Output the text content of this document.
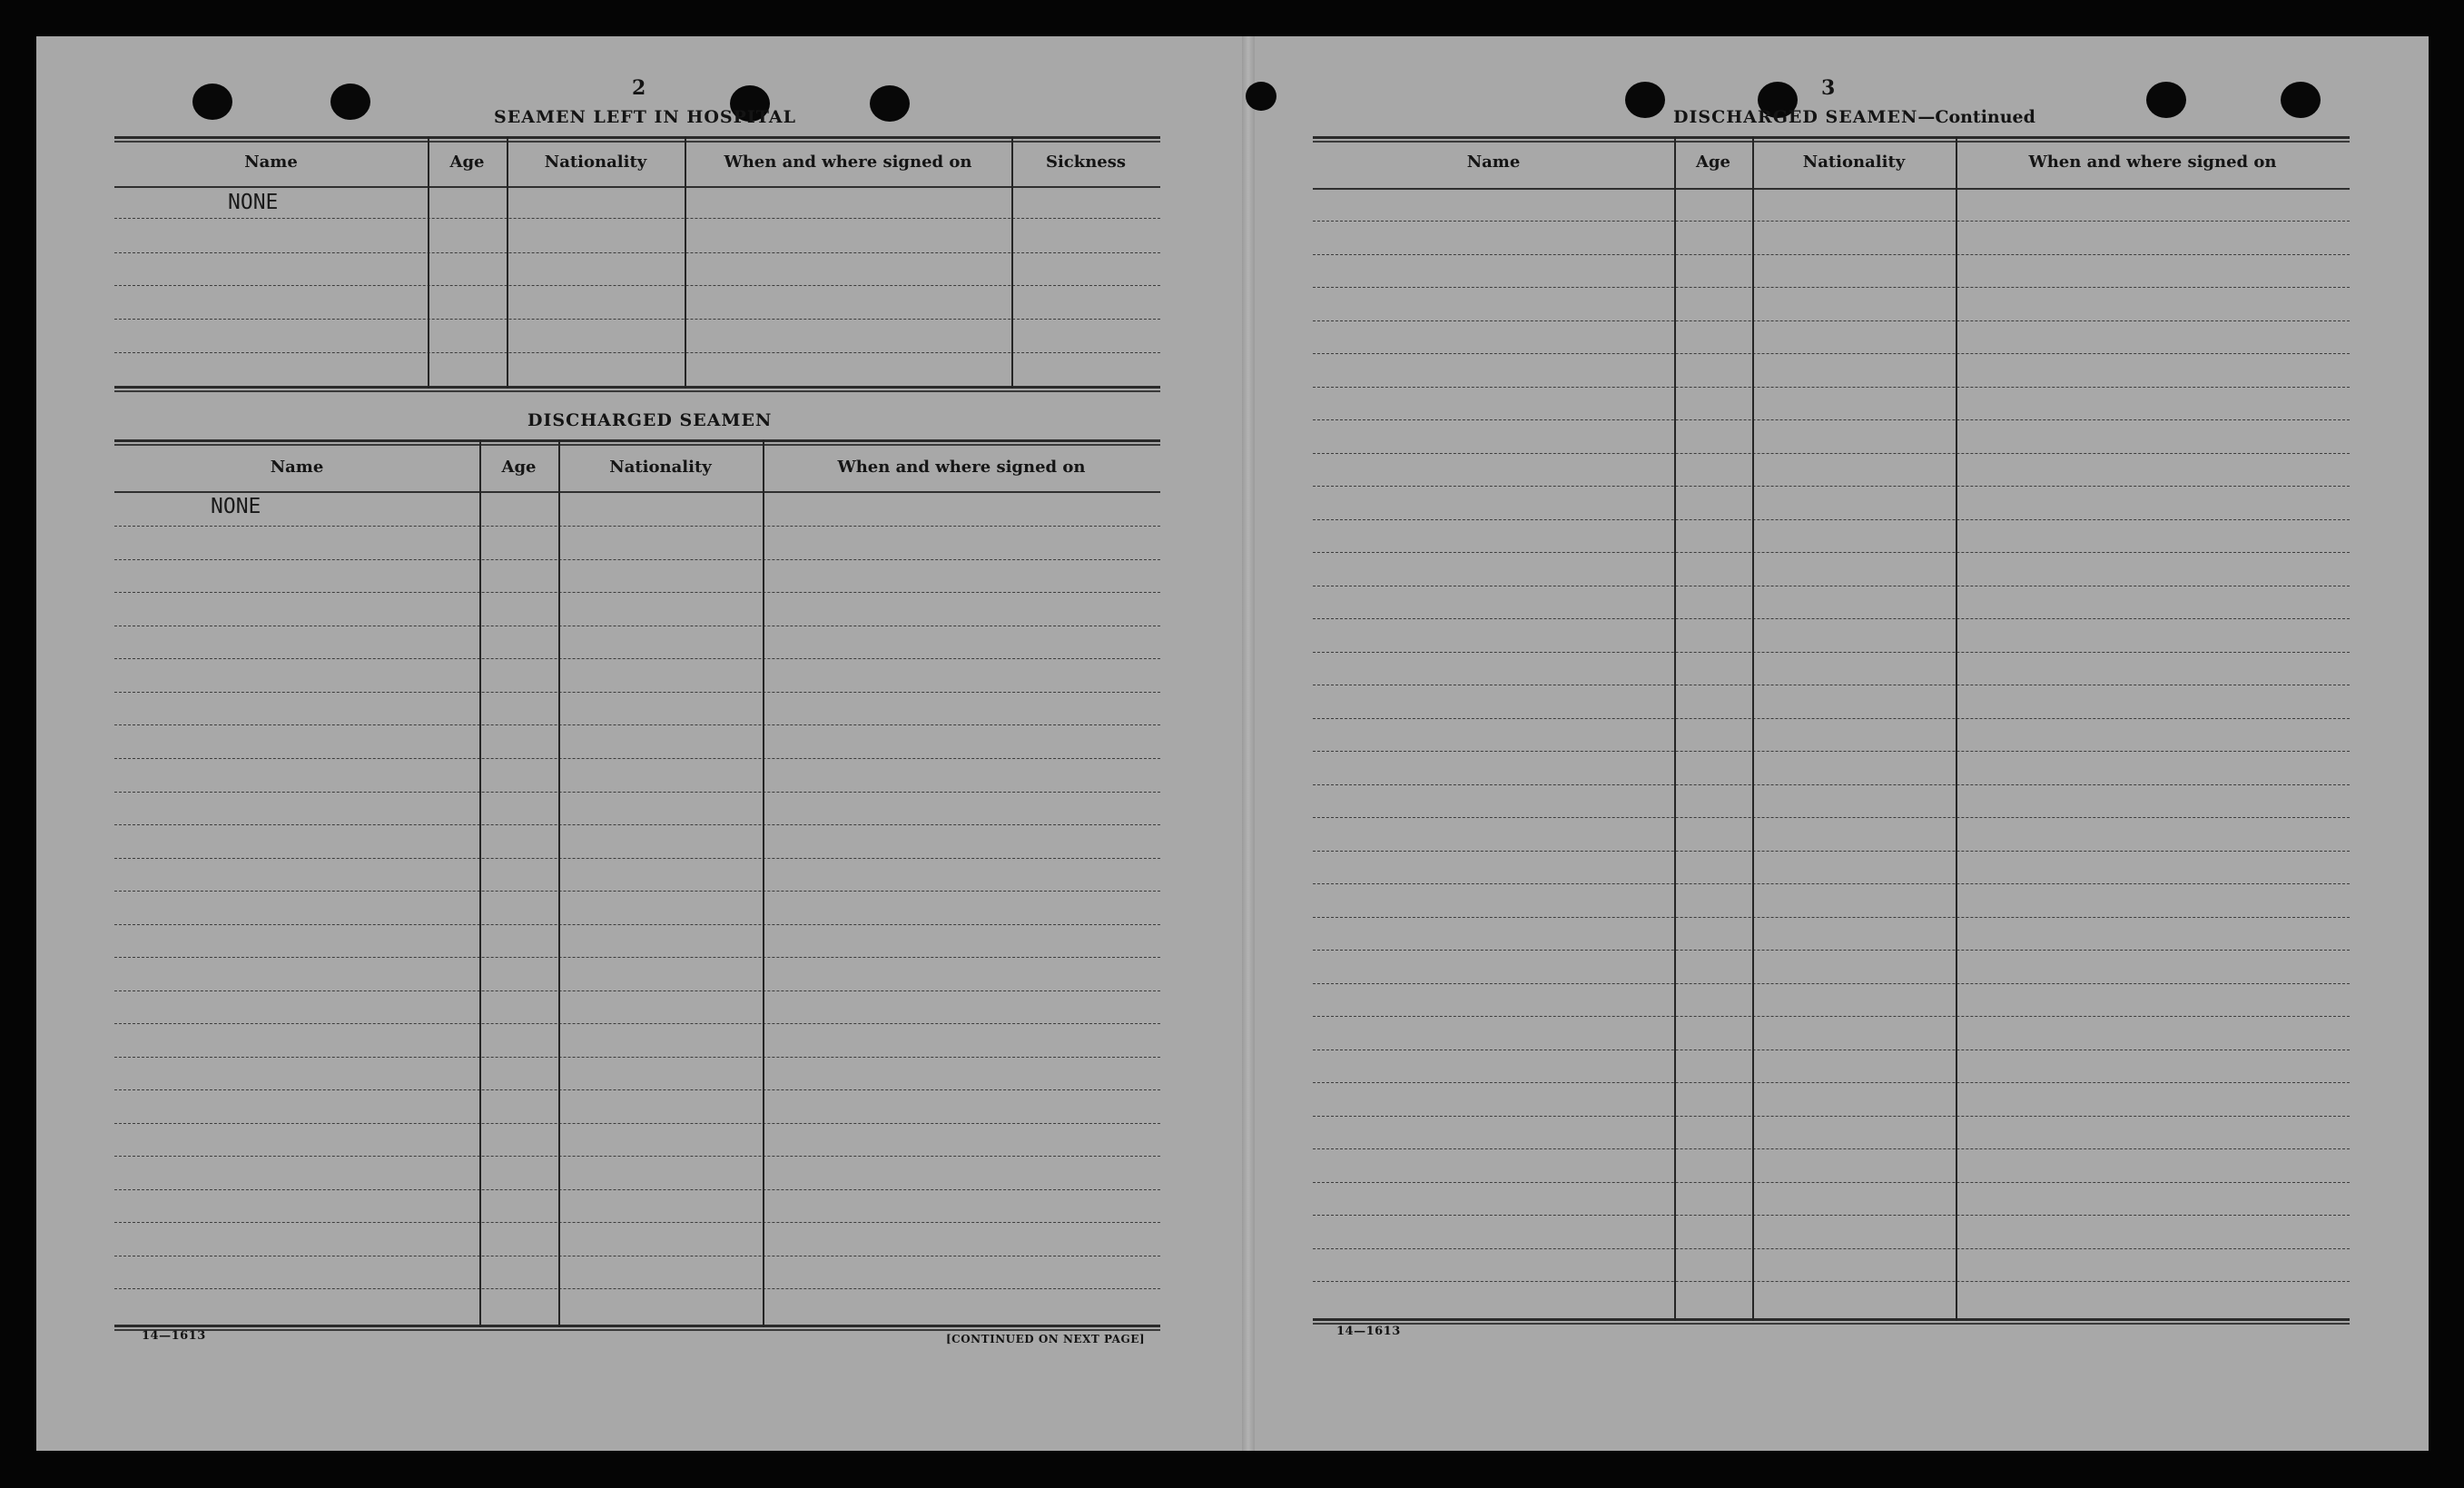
2
SEAMEN LEFT IN HOSPITAL
Name	Age	Nationality	When and where signed on	Sickness
NONE
DISCHARGED SEAMEN
Name	Age	Nationality	When and where signed on
NONE
14—1613	[CONTINUED ON NEXT PAGE]
3
DISCHARGED SEAMEN—Continued
Name	Age	Nationality	When and where signed on
14—1613
